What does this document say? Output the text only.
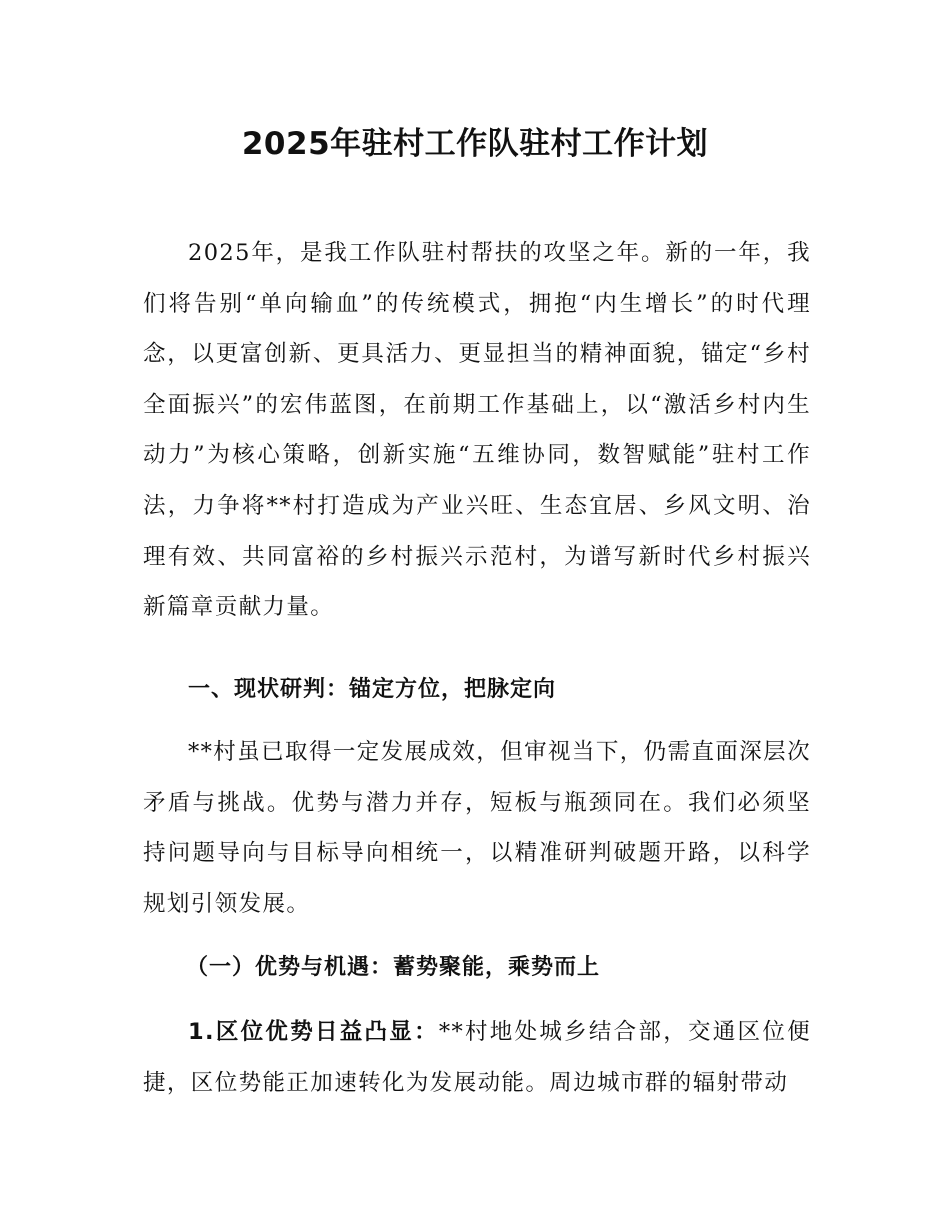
2025年驻村工作队驻村工作计划

2025年，是我工作队驻村帮扶的攻坚之年。新的一年，我们将告别“单向输血”的传统模式，拥抱“内生增长”的时代理念，以更富创新、更具活力、更显担当的精神面貌，锚定“乡村全面振兴”的宏伟蓝图，在前期工作基础上，以“激活乡村内生动力”为核心策略，创新实施“五维协同，数智赋能”驻村工作法，力争将**村打造成为产业兴旺、生态宜居、乡风文明、治理有效、共同富裕的乡村振兴示范村，为谱写新时代乡村振兴新篇章贡献力量。

一、现状研判：锚定方位，把脉定向

**村虽已取得一定发展成效，但审视当下，仍需直面深层次矛盾与挑战。优势与潜力并存，短板与瓶颈同在。我们必须坚持问题导向与目标导向相统一，以精准研判破题开路，以科学规划引领发展。

（一）优势与机遇：蓄势聚能，乘势而上

1.区位优势日益凸显：**村地处城乡结合部，交通区位便捷，区位势能正加速转化为发展动能。周边城市群的辐射带动
